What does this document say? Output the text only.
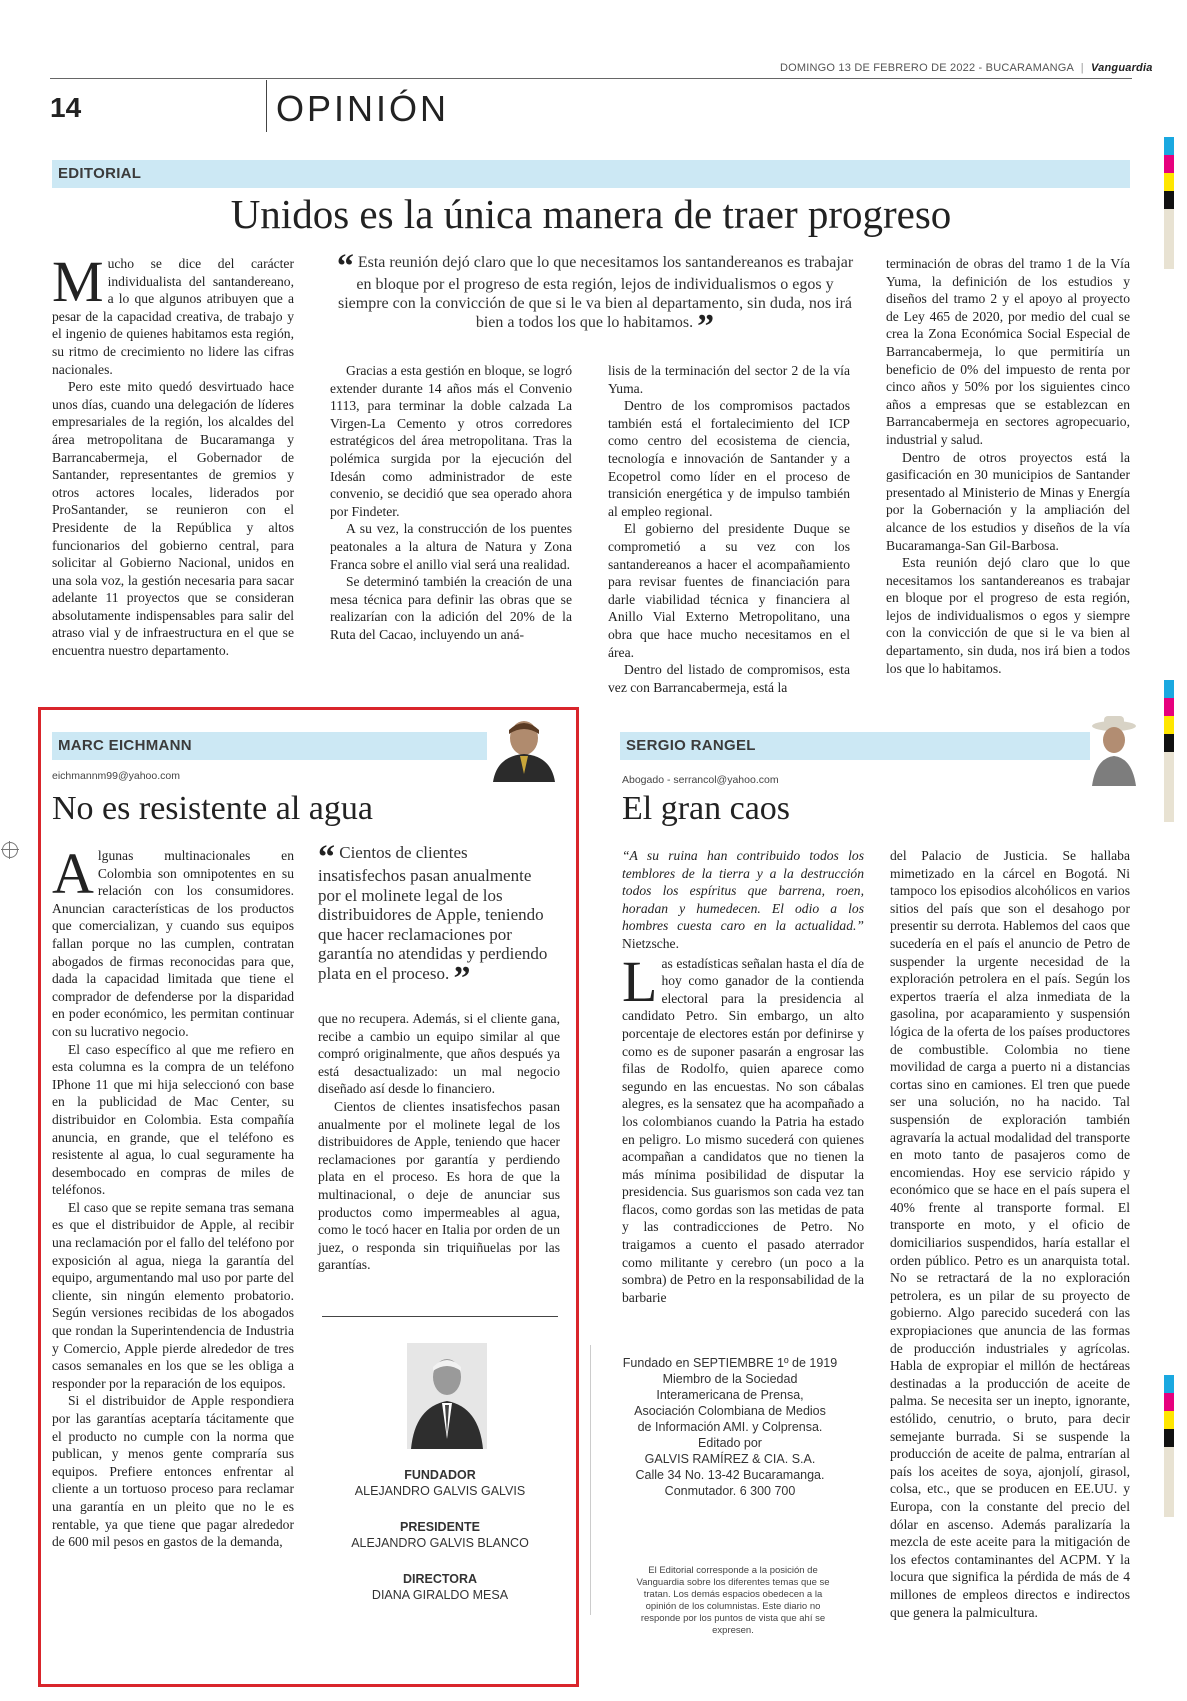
DOMINGO 13 DE FEBRERO DE 2022 - BUCARAMANGA | Vanguardia
14	OPINIÓN
EDITORIAL
Unidos es la única manera de traer progreso

Mucho se dice del carácter individualista del santandereano, a lo que algunos atribuyen que a pesar de la capacidad creativa, de trabajo y el ingenio de quienes habitamos esta región, su ritmo de crecimiento no lidere las cifras nacionales.

Pero este mito quedó desvirtuado hace unos días, cuando una delegación de líderes empresariales de la región, los alcaldes del área metropolitana de Bucaramanga y Barrancabermeja, el Gobernador de Santander, representantes de gremios y otros actores locales, liderados por ProSantander, se reunieron con el Presidente de la República y altos funcionarios del gobierno central, para solicitar al Gobierno Nacional, unidos en una sola voz, la gestión necesaria para sacar adelante 11 proyectos que se consideran absolutamente indispensables para salir del atraso vial y de infraestructura en el que se encuentra nuestro departamento.

“ Esta reunión dejó claro que lo que necesitamos los santandereanos es trabajar en bloque por el progreso de esta región, lejos de individualismos o egos y siempre con la convicción de que si le va bien al departamento, sin duda, nos irá bien a todos los que lo habitamos. ”

Gracias a esta gestión en bloque, se logró extender durante 14 años más el Convenio 1113, para terminar la doble calzada La Virgen-La Cemento y otros corredores estratégicos del área metropolitana. Tras la polémica surgida por la ejecución del Idesán como administrador de este convenio, se decidió que sea operado ahora por Findeter.

A su vez, la construcción de los puentes peatonales a la altura de Natura y Zona Franca sobre el anillo vial será una realidad.

Se determinó también la creación de una mesa técnica para definir las obras que se realizarían con la adición del 20% de la Ruta del Cacao, incluyendo un aná-

lisis de la terminación del sector 2 de la vía Yuma.

Dentro de los compromisos pactados también está el fortalecimiento del ICP como centro del ecosistema de ciencia, tecnología e innovación de Santander y a Ecopetrol como líder en el proceso de transición energética y de impulso también al empleo regional.

El gobierno del presidente Duque se comprometió a su vez con los santandereanos a hacer el acompañamiento para revisar fuentes de financiación para darle viabilidad técnica y financiera al Anillo Vial Externo Metropolitano, una obra que hace mucho necesitamos en el área.

Dentro del listado de compromisos, esta vez con Barrancabermeja, está la

terminación de obras del tramo 1 de la Vía Yuma, la definición de los estudios y diseños del tramo 2 y el apoyo al proyecto de Ley 465 de 2020, por medio del cual se crea la Zona Económica Social Especial de Barrancabermeja, lo que permitiría un beneficio de 0% del impuesto de renta por cinco años y 50% por los siguientes cinco años a empresas que se establezcan en Barrancabermeja en sectores agropecuario, industrial y salud.

Dentro de otros proyectos está la gasificación en 30 municipios de Santander presentado al Ministerio de Minas y Energía por la Gobernación y la ampliación del alcance de los estudios y diseños de la vía Bucaramanga-San Gil-Barbosa.

Esta reunión dejó claro que lo que necesitamos los santandereanos es trabajar en bloque por el progreso de esta región, lejos de individualismos o egos y siempre con la convicción de que si le va bien al departamento, sin duda, nos irá bien a todos los que lo habitamos.

MARC EICHMANN
eichmannm99@yahoo.com
No es resistente al agua

Algunas multinacionales en Colombia son omnipotentes en su relación con los consumidores. Anuncian características de los productos que comercializan, y cuando sus equipos fallan porque no las cumplen, contratan abogados de firmas reconocidas para que, dada la capacidad limitada que tiene el comprador de defenderse por la disparidad en poder económico, les permitan continuar con su lucrativo negocio.

El caso específico al que me refiero en esta columna es la compra de un teléfono IPhone 11 que mi hija seleccionó con base en la publicidad de Mac Center, su distribuidor en Colombia. Esta compañía anuncia, en grande, que el teléfono es resistente al agua, lo cual seguramente ha desembocado en compras de miles de teléfonos.

El caso que se repite semana tras semana es que el distribuidor de Apple, al recibir una reclamación por el fallo del teléfono por exposición al agua, niega la garantía del equipo, argumentando mal uso por parte del cliente, sin ningún elemento probatorio. Según versiones recibidas de los abogados que rondan la Superintendencia de Industria y Comercio, Apple pierde alrededor de tres casos semanales en los que se les obliga a responder por la reparación de los equipos.

Si el distribuidor de Apple respondiera por las garantías aceptaría tácitamente que el producto no cumple con la norma que publican, y menos gente compraría sus equipos. Prefiere entonces enfrentar al cliente a un tortuoso proceso para reclamar una garantía en un pleito que no le es rentable, ya que tiene que pagar alrededor de 600 mil pesos en gastos de la demanda,

“ Cientos de clientes insatisfechos pasan anualmente por el molinete legal de los distribuidores de Apple, teniendo que hacer reclamaciones por garantía no atendidas y perdiendo plata en el proceso. ”

que no recupera. Además, si el cliente gana, recibe a cambio un equipo similar al que compró originalmente, que años después ya está desactualizado: un mal negocio diseñado así desde lo financiero.

Cientos de clientes insatisfechos pasan anualmente por el molinete legal de los distribuidores de Apple, teniendo que hacer reclamaciones por garantía y perdiendo plata en el proceso. Es hora de que la multinacional, o deje de anunciar sus productos como impermeables al agua, como le tocó hacer en Italia por orden de un juez, o responda sin triquiñuelas por las garantías.

FUNDADOR
ALEJANDRO GALVIS GALVIS
PRESIDENTE
ALEJANDRO GALVIS BLANCO
DIRECTORA
DIANA GIRALDO MESA
Fundado en SEPTIEMBRE 1º de 1919
Miembro de la Sociedad
Interamericana de Prensa,
Asociación Colombiana de Medios
de Información AMI. y Colprensa.
Editado por
GALVIS RAMÍREZ & CIA. S.A.
Calle 34 No. 13-42 Bucaramanga.
Conmutador. 6 300 700
El Editorial corresponde a la posición de Vanguardia sobre los diferentes temas que se tratan. Los demás espacios obedecen a la opinión de los columnistas. Este diario no responde por los puntos de vista que ahí se expresen.
SERGIO RANGEL
Abogado - serrancol@yahoo.com
El gran caos

“A su ruina han contribuido todos los temblores de la tierra y a la destrucción todos los espíritus que barrena, roen, horadan y humedecen. El odio a los hombres cuesta caro en la actualidad.” Nietzsche.

Las estadísticas señalan hasta el día de hoy como ganador de la contienda electoral para la presidencia al candidato Petro. Sin embargo, un alto porcentaje de electores están por definirse y como es de suponer pasarán a engrosar las filas de Rodolfo, quien aparece como segundo en las encuestas. No son cábalas alegres, es la sensatez que ha acompañado a los colombianos cuando la Patria ha estado en peligro. Lo mismo sucederá con quienes acompañan a candidatos que no tienen la más mínima posibilidad de disputar la presidencia. Sus guarismos son cada vez tan flacos, como gordas son las metidas de pata y las contradicciones de Petro. No traigamos a cuento el pasado aterrador como militante y cerebro (un poco a la sombra) de Petro en la responsabilidad de la barbarie

del Palacio de Justicia. Se hallaba mimetizado en la cárcel en Bogotá. Ni tampoco los episodios alcohólicos en varios sitios del país que son el desahogo por presentir su derrota. Hablemos del caos que sucedería en el país el anuncio de Petro de suspender la urgente necesidad de la exploración petrolera en el país. Según los expertos traería el alza inmediata de la gasolina, por acaparamiento y suspensión lógica de la oferta de los países productores de combustible. Colombia no tiene movilidad de carga a puerto ni a distancias cortas sino en camiones. El tren que puede ser una solución, no ha nacido. Tal suspensión de exploración también agravaría la actual modalidad del transporte en moto tanto de pasajeros como de encomiendas. Hoy ese servicio rápido y económico que se hace en el país supera el 40% frente al transporte formal. El transporte en moto, y el oficio de domiciliarios suspendidos, haría estallar el orden público. Petro es un anarquista total. No se retractará de la no exploración petrolera, es un pilar de su proyecto de gobierno. Algo parecido sucederá con las expropiaciones que anuncia de las formas de producción industriales y agrícolas. Habla de expropiar el millón de hectáreas destinadas a la producción de aceite de palma. Se necesita ser un inepto, ignorante, estólido, cenutrio, o bruto, para decir semejante burrada. Si se suspende la producción de aceite de palma, entrarían al país los aceites de soya, ajonjolí, girasol, colsa, etc., que se producen en EE.UU. y Europa, con la constante del precio del dólar en ascenso. Además paralizaría la mezcla de este aceite para la mitigación de los efectos contaminantes del ACPM. Y la locura que significa la pérdida de más de 4 millones de empleos directos e indirectos que genera la palmicultura.
